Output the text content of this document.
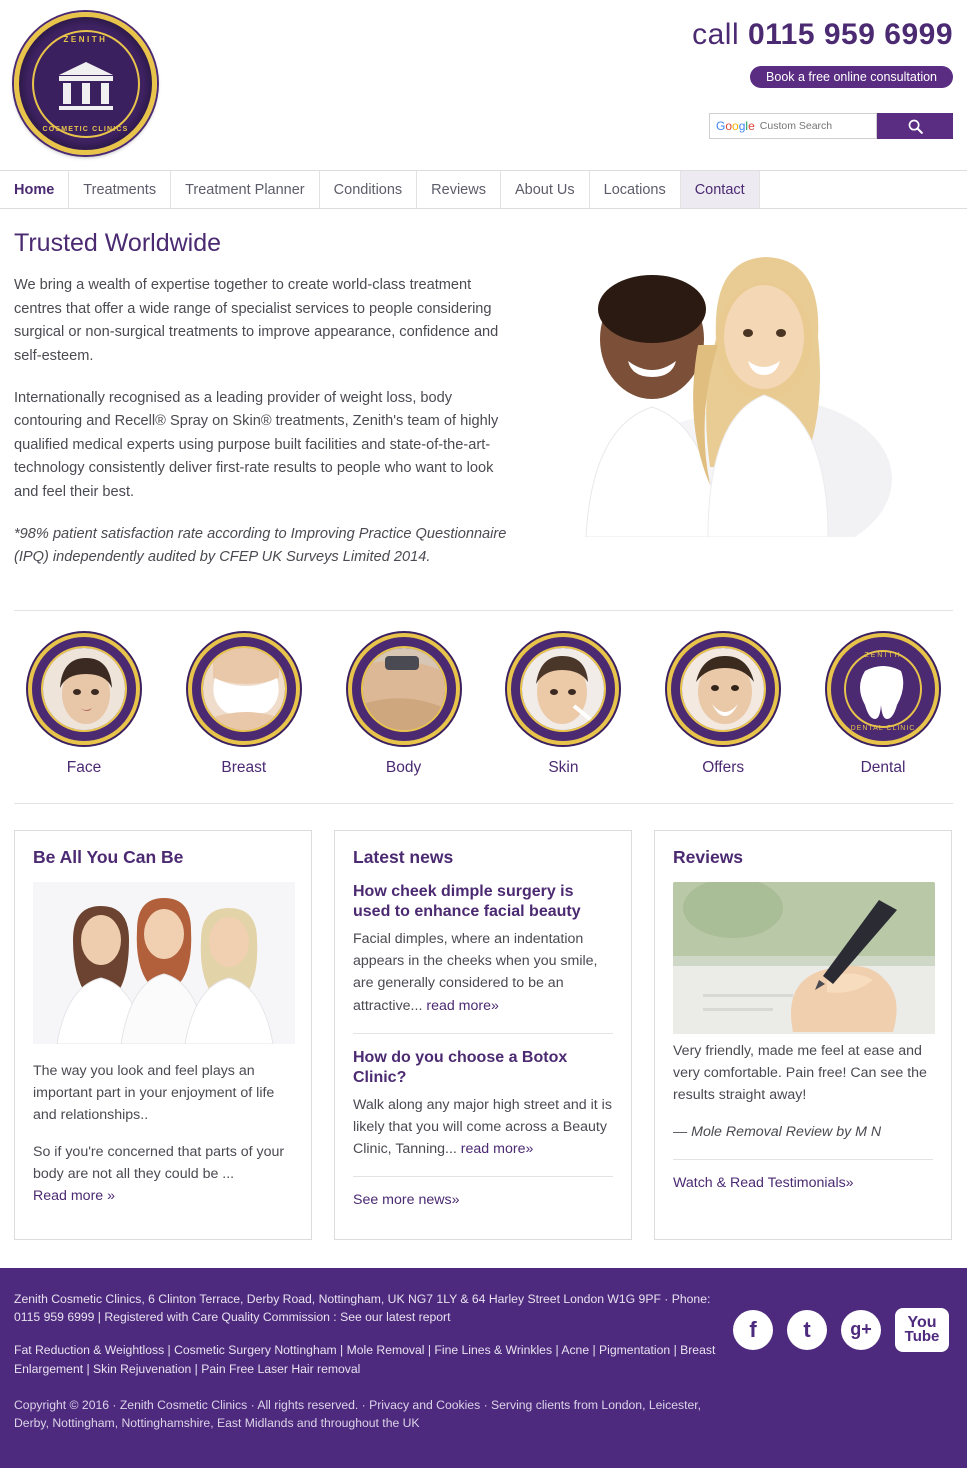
ZENITH
COSMETIC CLINICS
call 0115 959 6999
Book a free online consultation
Google
Custom Search
Home	Treatments	Treatment Planner	Conditions	Reviews	About Us	Locations	Contact
Trusted Worldwide

We bring a wealth of expertise together to create world-class treatment centres that offer a wide range of specialist services to people considering surgical or non-surgical treatments to improve appearance, confidence and self-esteem.

Internationally recognised as a leading provider of weight loss, body contouring and Recell® Spray on Skin® treatments, Zenith's team of highly qualified medical experts using purpose built facilities and state-of-the-art-technology consistently deliver first-rate results to people who want to look and feel their best.

*98% patient satisfaction rate according to Improving Practice Questionnaire (IPQ) independently audited by CFEP UK Surveys Limited 2014.

Face	Breast	Body	Skin	Offers
ZENITH
DENTAL CLINIC
Dental
Be All You Can Be

The way you look and feel plays an important part in your enjoyment of life and relationships..

So if you're concerned that parts of your body are not all they could be ...
Read more »

Latest news
How cheek dimple surgery is used to enhance facial beauty

Facial dimples, where an indentation appears in the cheeks when you smile, are generally considered to be an attractive... read more»

How do you choose a Botox Clinic?

Walk along any major high street and it is likely that you will come across a Beauty Clinic, Tanning... read more»

See more news»
Reviews

Very friendly, made me feel at ease and very comfortable. Pain free! Can see the results straight away!

— Mole Removal Review by M N

Watch & Read Testimonials»
Zenith Cosmetic Clinics, 6 Clinton Terrace, Derby Road, Nottingham, UK NG7 1LY & 64 Harley Street London W1G 9PF · Phone: 0115 959 6999 | Registered with Care Quality Commission : See our latest report
Fat Reduction & Weightloss | Cosmetic Surgery Nottingham | Mole Removal | Fine Lines & Wrinkles | Acne | Pigmentation | Breast Enlargement | Skin Rejuvenation | Pain Free Laser Hair removal
Copyright © 2016 · Zenith Cosmetic Clinics · All rights reserved. · Privacy and Cookies · Serving clients from London, Leicester, Derby, Nottingham, Nottinghamshire, East Midlands and throughout the UK
f	t	g+	You
Tube
